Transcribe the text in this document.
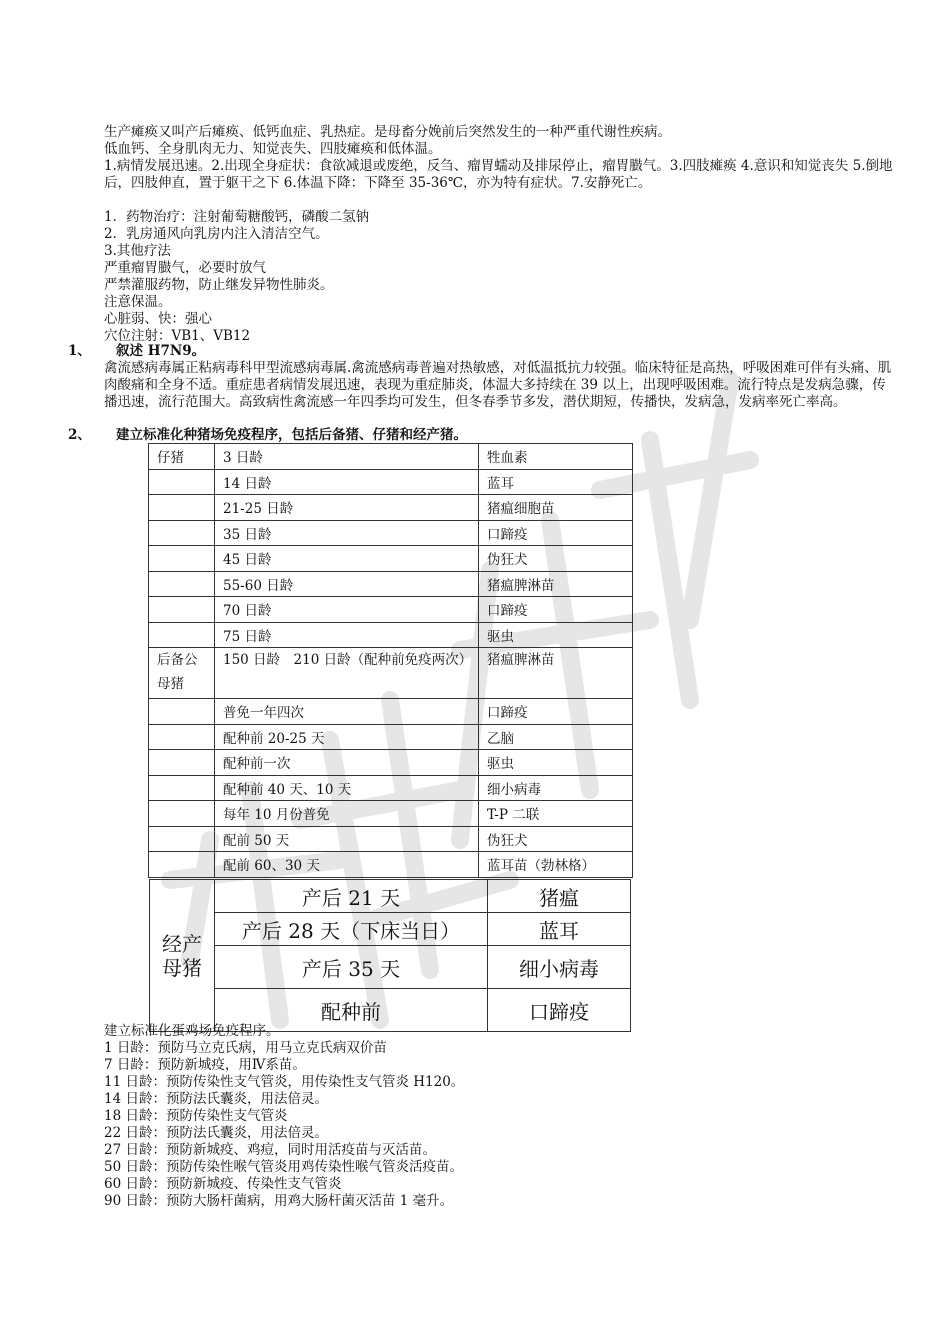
生产瘫痪又叫产后瘫痪、低钙血症、乳热症。是母畜分娩前后突然发生的一种严重代谢性疾病。
低血钙、全身肌肉无力、知觉丧失、四肢瘫痪和低体温。
1.病情发展迅速。2.出现全身症状：食欲减退或废绝，反刍、瘤胃蠕动及排尿停止，瘤胃臌气。3.四肢瘫痪 4.意识和知觉丧失 5.倒地后，四肢伸直，置于躯干之下 6.体温下降：下降至 35-36℃，亦为特有症状。7.安静死亡。
1．药物治疗：注射葡萄糖酸钙，磷酸二氢钠
2．乳房通风向乳房内注入清洁空气。
3.其他疗法
严重瘤胃臌气，必要时放气
严禁灌服药物，防止继发异物性肺炎。
注意保温。
心脏弱、快：强心
穴位注射：VB1、VB12
1、 叙述 H7N9。
禽流感病毒属正粘病毒科甲型流感病毒属.禽流感病毒普遍对热敏感，对低温抵抗力较强。临床特征是高热，呼吸困难可伴有头痛、肌肉酸痛和全身不适。重症患者病情发展迅速，表现为重症肺炎，体温大多持续在 39 以上，出现呼吸困难。流行特点是发病急骤，传播迅速，流行范围大。高致病性禽流感一年四季均可发生，但冬春季节多发，潜伏期短，传播快，发病急，发病率死亡率高。
2、 建立标准化种猪场免疫程序，包括后备猪、仔猪和经产猪。
仔猪	3 日龄	牲血素
	14 日龄	蓝耳
	21-25 日龄	猪瘟细胞苗
	35 日龄	口蹄疫
	45 日龄	伪狂犬
	55-60 日龄	猪瘟脾淋苗
	70 日龄	口蹄疫
	75 日龄	驱虫
后备公母猪	150 日龄　210 日龄（配种前免疫两次）	猪瘟脾淋苗
	普免一年四次	口蹄疫
	配种前 20-25 天	乙脑
	配种前一次	驱虫
	配种前 40 天、10 天	细小病毒
	每年 10 月份普免	T-P 二联
	配前 50 天	伪狂犬
	配前 60、30 天	蓝耳苗（勃林格）
经产母猪	产后 21 天	猪瘟
	产后 28 天（下床当日）	蓝耳
	产后 35 天	细小病毒
	配种前	口蹄疫
建立标准化蛋鸡场免疫程序。
1 日龄：预防马立克氏病，用马立克氏病双价苗
7 日龄：预防新城疫，用Ⅳ系苗。
11 日龄：预防传染性支气管炎，用传染性支气管炎 H120。
14 日龄：预防法氏囊炎，用法倍灵。
18 日龄：预防传染性支气管炎
22 日龄：预防法氏囊炎，用法倍灵。
27 日龄：预防新城疫、鸡痘，同时用活疫苗与灭活苗。
50 日龄：预防传染性喉气管炎用鸡传染性喉气管炎活疫苗。
60 日龄：预防新城疫、传染性支气管炎
90 日龄：预防大肠杆菌病，用鸡大肠杆菌灭活苗 1 毫升。
